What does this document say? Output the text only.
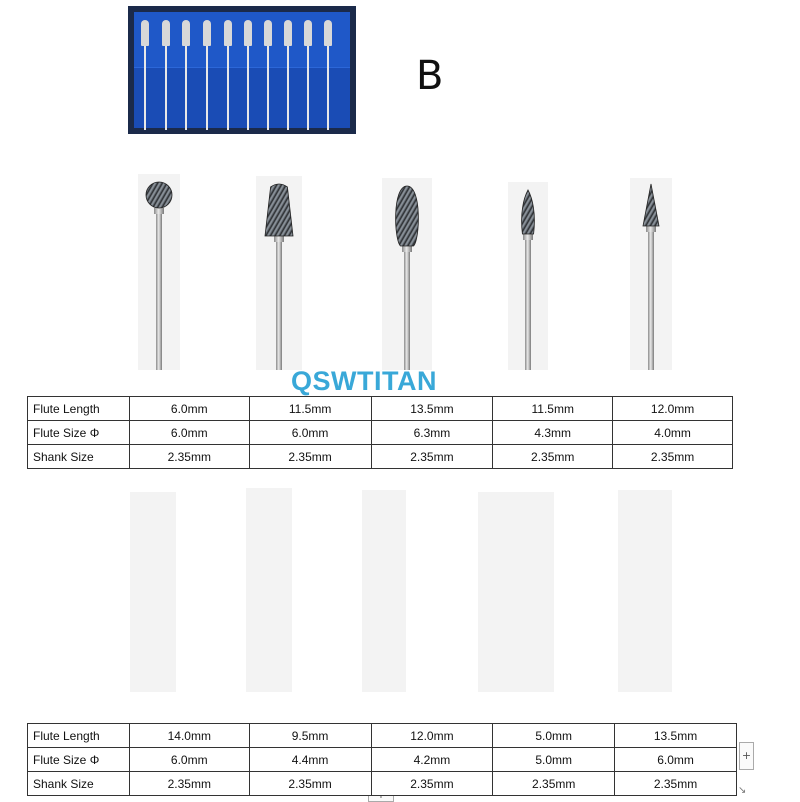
B
QSWTITAN
Flute Length	6.0mm	11.5mm	13.5mm	11.5mm	12.0mm
Flute Size Φ	6.0mm	6.0mm	6.3mm	4.3mm	4.0mm
Shank Size	2.35mm	2.35mm	2.35mm	2.35mm	2.35mm
Flute Length	14.0mm	9.5mm	12.0mm	5.0mm	13.5mm
Flute Size Φ	6.0mm	4.4mm	4.2mm	5.0mm	6.0mm
Shank Size	2.35mm	2.35mm	2.35mm	2.35mm	2.35mm
+
↘
